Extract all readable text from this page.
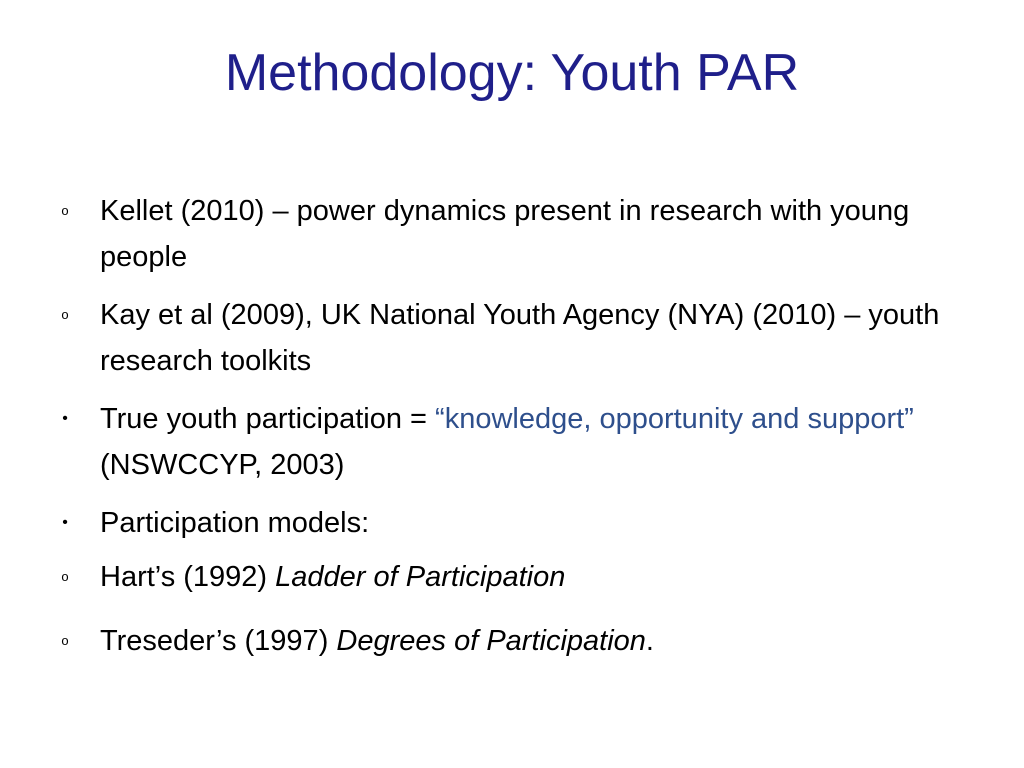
Methodology: Youth PAR
o Kellet (2010) – power dynamics present in research with young people
o Kay et al (2009), UK National Youth Agency (NYA) (2010) – youth research toolkits
• True youth participation = “knowledge, opportunity and support” (NSWCCYP, 2003)
• Participation models:
o Hart’s (1992) Ladder of Participation
o Treseder’s (1997) Degrees of Participation.
